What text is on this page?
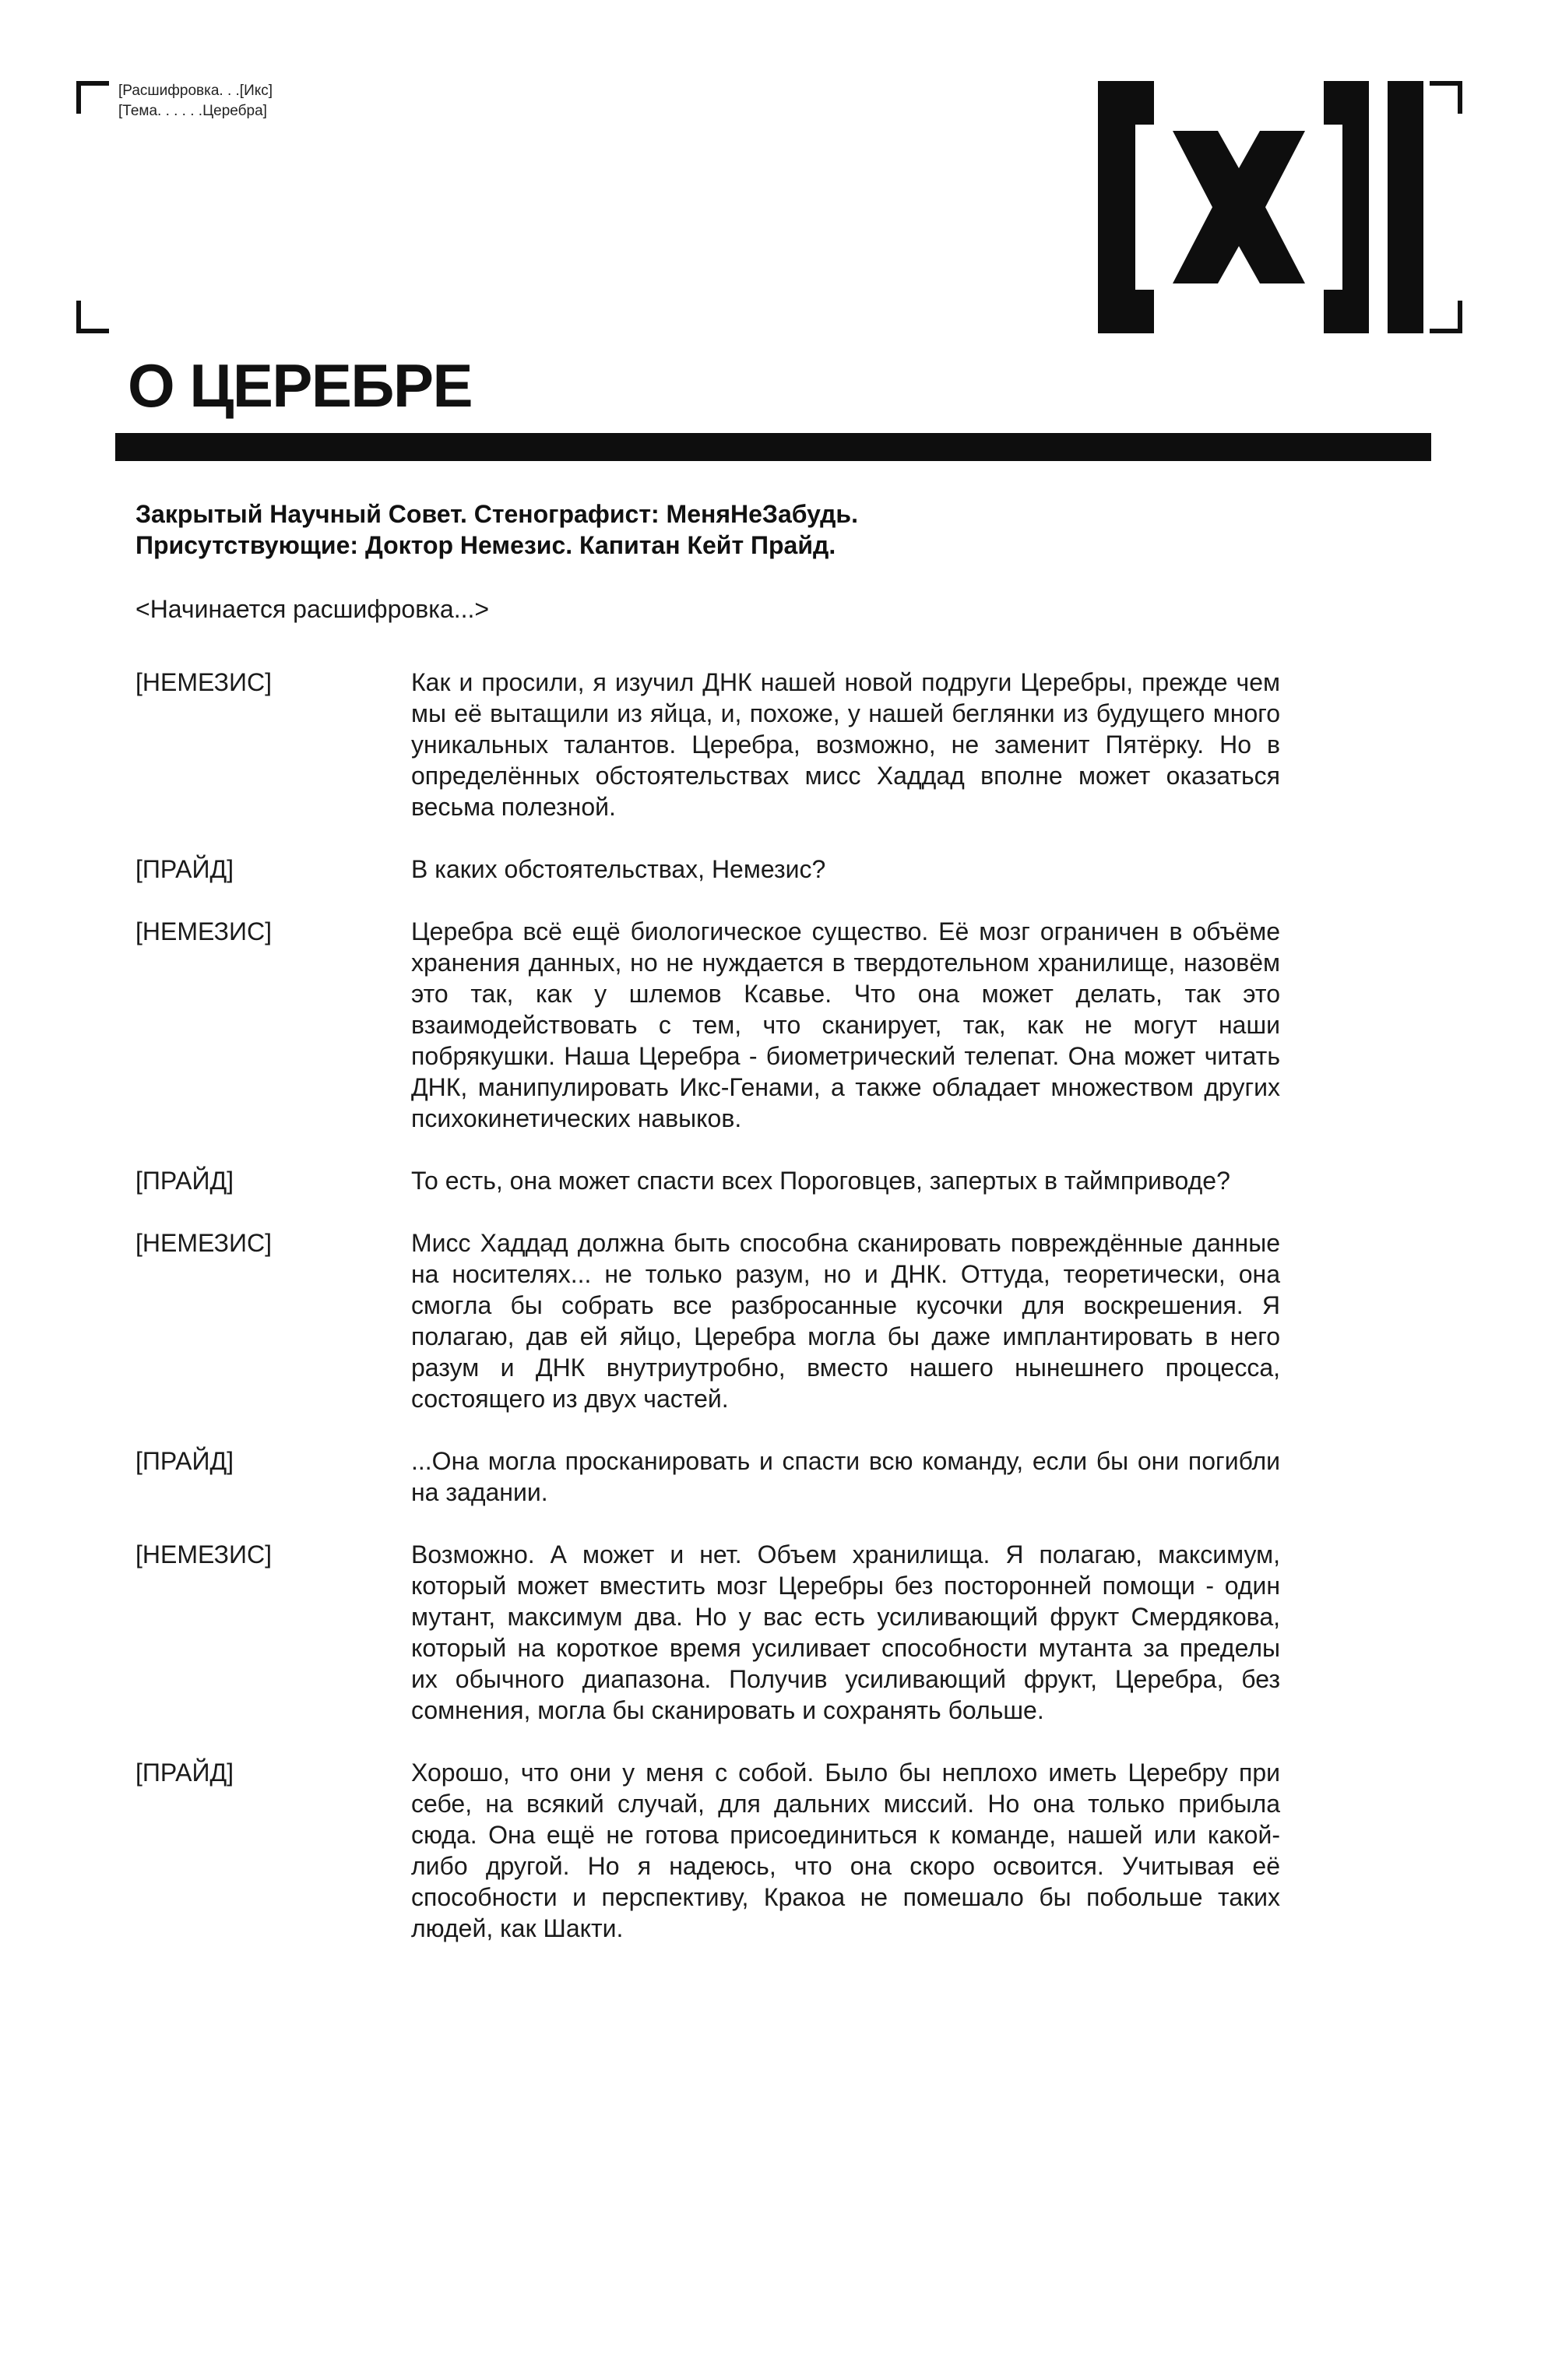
[Расшифровка. . .[Икс]
[Тема. . . . . .Церебра]
О ЦЕРЕБРЕ
Закрытый Научный Совет. Стенографист: МеняНеЗабудь.
Присутствующие: Доктор Немезис. Капитан Кейт Прайд.
<Начинается расшифровка...>
[НЕМЕЗИС]	Как и просили, я изучил ДНК нашей новой подруги Церебры, прежде чем мы её вытащили из яйца, и, похоже, у нашей беглянки из будущего много уникальных талантов. Церебра, возможно, не заменит Пятёрку. Но в определённых обстоятельствах мисс Хаддад вполне может оказаться весьма полезной.
[ПРАЙД]	В каких обстоятельствах, Немезис?
[НЕМЕЗИС]	Церебра всё ещё биологическое существо. Её мозг ограничен в объёме хранения данных, но не нуждается в твердотельном хранилище, назовём это так, как у шлемов Ксавье. Что она может делать, так это взаимодействовать с тем, что сканирует, так, как не могут наши побрякушки. Наша Церебра - биометрический телепат. Она может читать ДНК, манипулировать Икс-Генами, а также обладает множеством других психокинетических навыков.
[ПРАЙД]	То есть, она может спасти всех Пороговцев, запертых в таймприводе?
[НЕМЕЗИС]	Мисс Хаддад должна быть способна сканировать повреждённые данные на носителях... не только разум, но и ДНК. Оттуда, теоретически, она смогла бы собрать все разбросанные кусочки для воскрешения. Я полагаю, дав ей яйцо, Церебра могла бы даже имплантировать в него разум и ДНК внутриутробно, вместо нашего нынешнего процесса, состоящего из двух частей.
[ПРАЙД]	...Она могла просканировать и спасти всю команду, если бы они погибли на задании.
[НЕМЕЗИС]	Возможно. А может и нет. Объем хранилища. Я полагаю, максимум, который может вместить мозг Церебры без посторонней помощи - один мутант, максимум два. Но у вас есть усиливающий фрукт Смердякова, который на короткое время усиливает способности мутанта за пределы их обычного диапазона. Получив усиливающий фрукт, Церебра, без сомнения, могла бы сканировать и сохранять больше.
[ПРАЙД]	Хорошо, что они у меня с собой. Было бы неплохо иметь Церебру при себе, на всякий случай, для дальних миссий. Но она только прибыла сюда. Она ещё не готова присоединиться к команде, нашей или какой-либо другой. Но я надеюсь, что она скоро освоится. Учитывая её способности и перспективу, Кракоа не помешало бы побольше таких людей, как Шакти.
